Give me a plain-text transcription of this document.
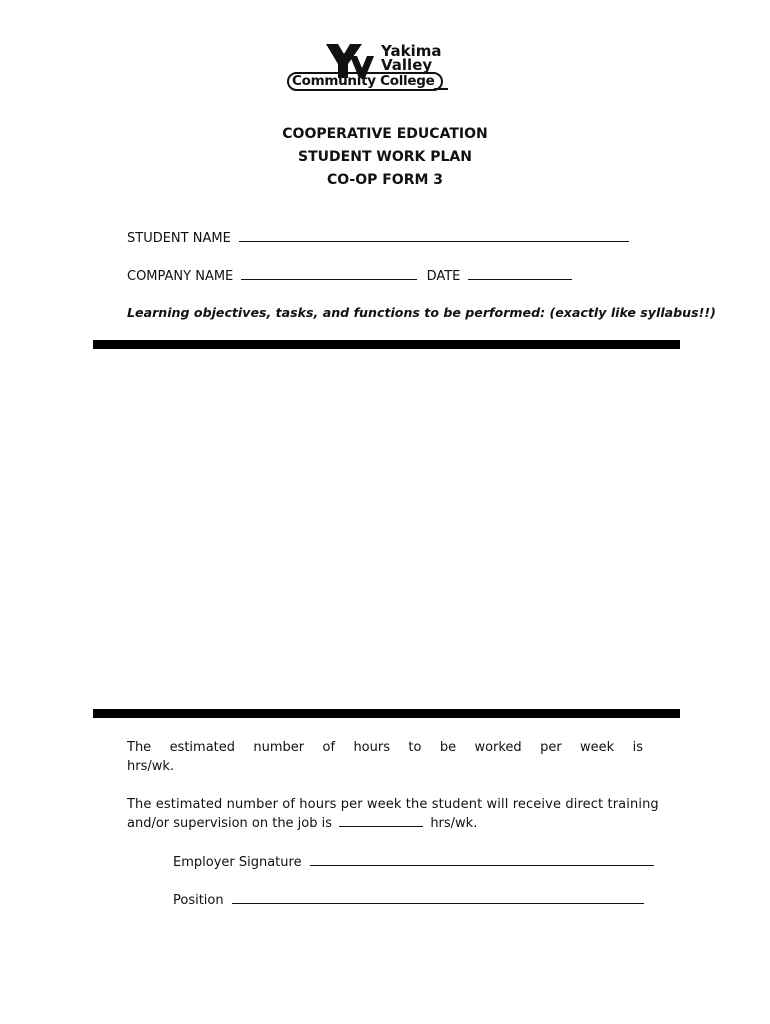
Yakima
Valley
Community College
COOPERATIVE EDUCATION
STUDENT WORK PLAN
CO-OP FORM 3
STUDENT NAME
COMPANY NAME	DATE
Learning objectives, tasks, and functions to be performed: (exactly like syllabus!!)
The estimated number of hours to be worked per week is
hrs/wk.
The estimated number of hours per week the student will receive direct training
and/or supervision on the job is	hrs/wk.
Employer Signature
Position
